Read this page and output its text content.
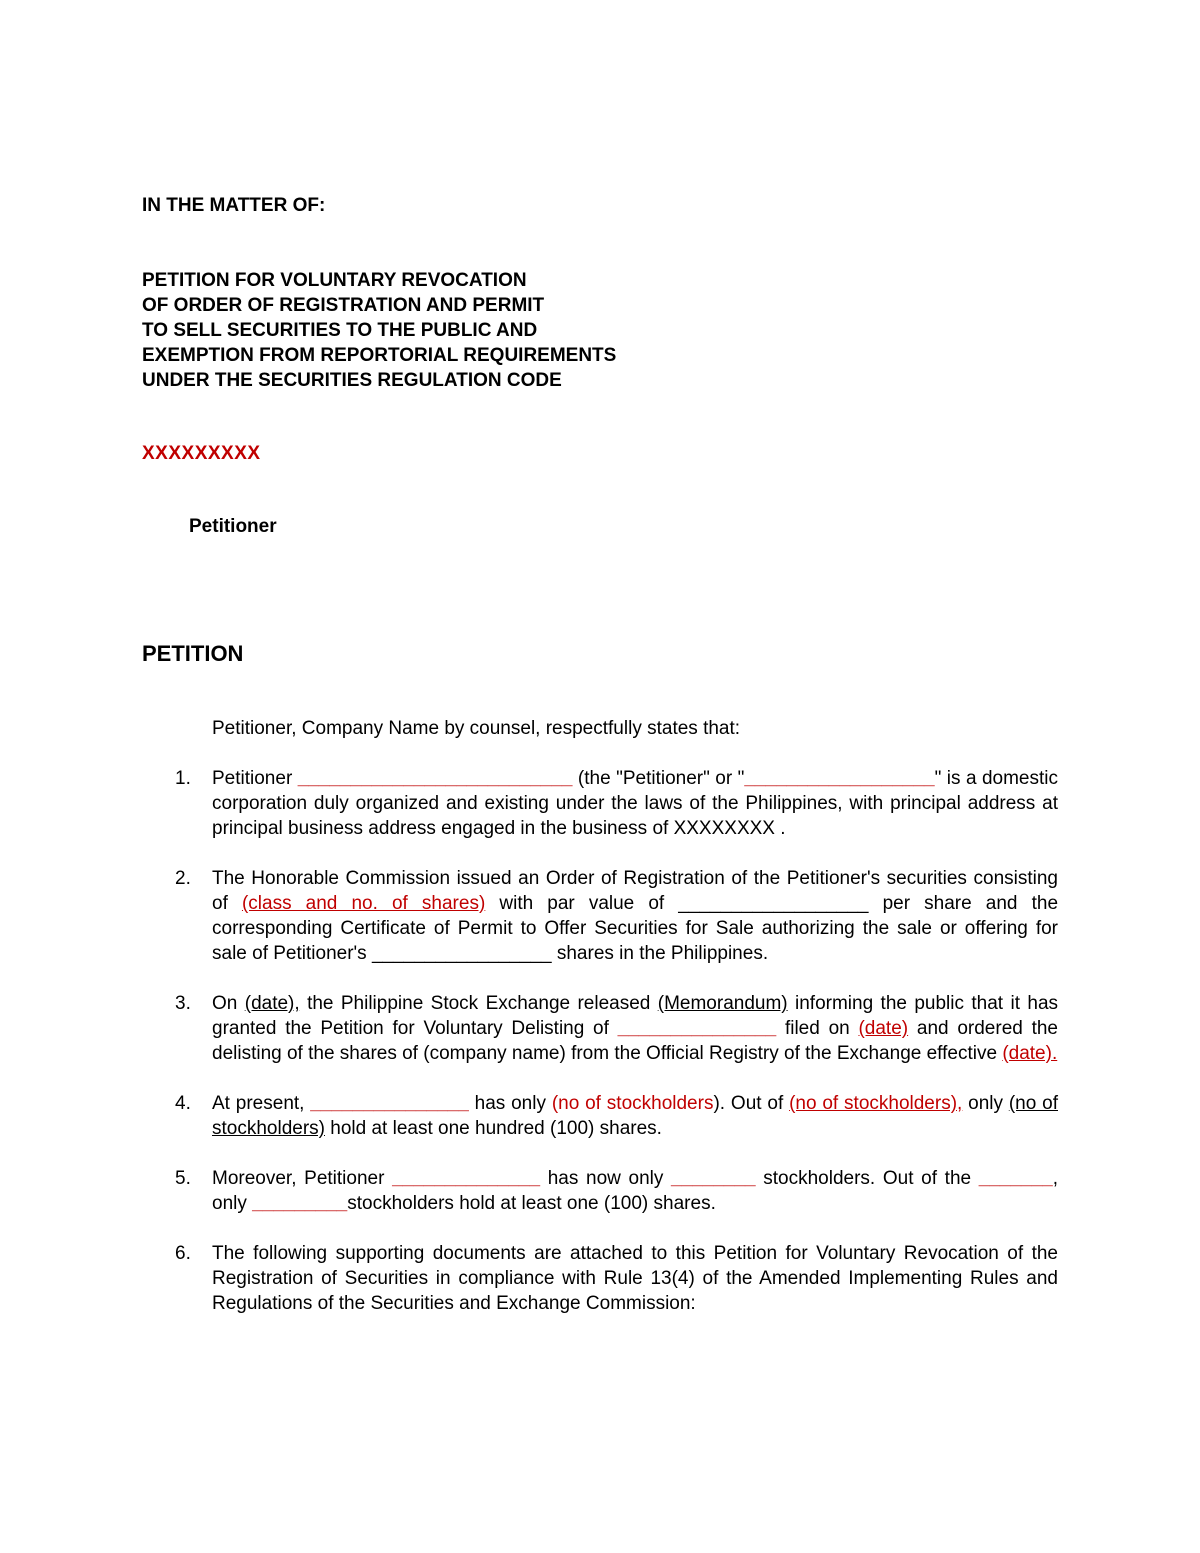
IN THE MATTER OF:
PETITION FOR VOLUNTARY REVOCATION
OF ORDER OF REGISTRATION AND PERMIT
TO SELL SECURITIES TO THE PUBLIC AND
EXEMPTION FROM REPORTORIAL REQUIREMENTS
UNDER THE SECURITIES REGULATION CODE
XXXXXXXXX
Petitioner
PETITION
Petitioner, Company Name by counsel, respectfully states that:
1.	Petitioner __________________________ (the "Petitioner" or "__________________" is a domestic corporation duly organized and existing under the laws of the Philippines, with principal address at principal business address engaged in the business of XXXXXXXX .
2.	The Honorable Commission issued an Order of Registration of the Petitioner's securities consisting of (class and no. of shares) with par value of __________________ per share and the corresponding Certificate of Permit to Offer Securities for Sale authorizing the sale or offering for sale of Petitioner's _________________ shares in the Philippines.
3.	On (date), the Philippine Stock Exchange released (Memorandum) informing the public that it has granted the Petition for Voluntary Delisting of _______________ filed on (date) and ordered the delisting of the shares of (company name) from the Official Registry of the Exchange effective (date).
4.	At present, _______________ has only (no of stockholders). Out of (no of stockholders), only (no of stockholders) hold at least one hundred (100) shares.
5.	Moreover, Petitioner ______________ has now only ________ stockholders. Out of the _______, only _________stockholders hold at least one (100) shares.
6.	The following supporting documents are attached to this Petition for Voluntary Revocation of the Registration of Securities in compliance with Rule 13(4) of the Amended Implementing Rules and Regulations of the Securities and Exchange Commission:
